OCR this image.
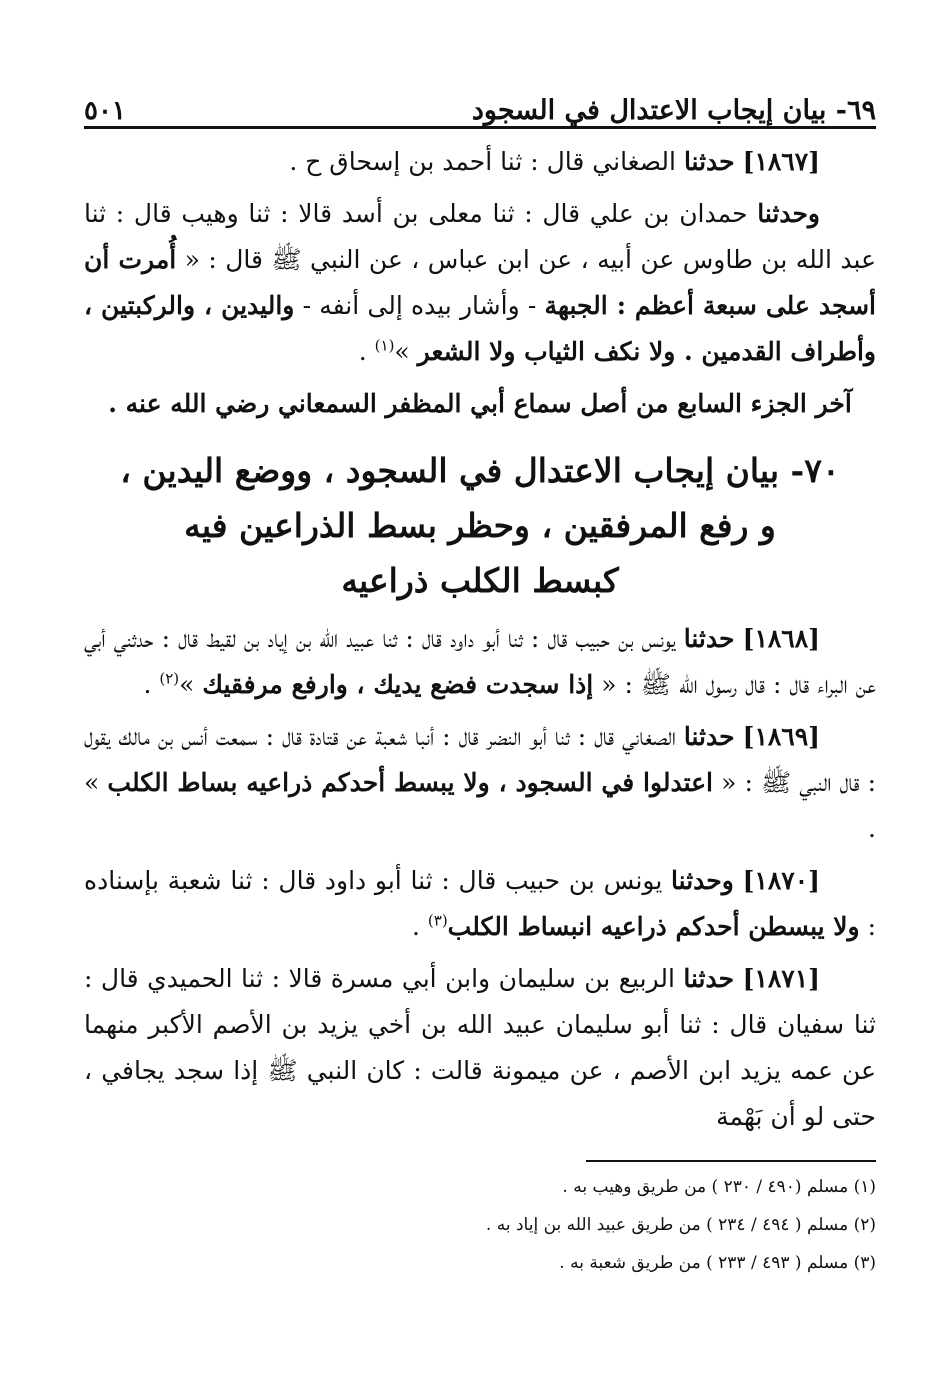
٦٩- بيان إيجاب الاعتدال في السجود
٥٠١

[١٨٦٧] حدثنا الصغاني قال : ثنا أحمد بن إسحاق ح .

وحدثنا حمدان بن علي قال : ثنا معلى بن أسد قالا : ثنا وهيب قال : ثنا عبد الله بن طاوس عن أبيه ، عن ابن عباس ، عن النبي ﷺ قال : « أُمرت أن أسجد على سبعة أعظم : الجبهة - وأشار بيده إلى أنفه - واليدين ، والركبتين ، وأطراف القدمين . ولا نكف الثياب ولا الشعر »$^{(١)}$ .

آخر الجزء السابع من أصل سماع أبي المظفر السمعاني رضي الله عنه .

٧٠- بيان إيجاب الاعتدال في السجود ، ووضع اليدين ،
و رفع المرفقين ، وحظر بسط الذراعين فيه
كبسط الكلب ذراعيه

[١٨٦٨] حدثنا يونس بن حبيب قال : ثنا أبو داود قال : ثنا عبيد الله بن إياد بن لقيط قال : حدثني أبي عن البراء قال : قال رسول الله ﷺ : « إذا سجدت فضع يديك ، وارفع مرفقيك »$^{(٢)}$ .

[١٨٦٩] حدثنا الصغاني قال : ثنا أبو النضر قال : أنبا شعبة عن قتادة قال : سمعت أنس بن مالك يقول : قال النبي ﷺ : « اعتدلوا في السجود ، ولا يبسط أحدكم ذراعيه بساط الكلب » .

[١٨٧٠] وحدثنا يونس بن حبيب قال : ثنا أبو داود قال : ثنا شعبة بإسناده : ولا يبسطن أحدكم ذراعيه انبساط الكلب$^{(٣)}$ .

[١٨٧١] حدثنا الربيع بن سليمان وابن أبي مسرة قالا : ثنا الحميدي قال : ثنا سفيان قال : ثنا أبو سليمان عبيد الله بن أخي يزيد بن الأصم الأكبر منهما عن عمه يزيد ابن الأصم ، عن ميمونة قالت : كان النبي ﷺ إذا سجد يجافي ، حتى لو أن بَهْمة

(١) مسلم (٤٩٠ / ٢٣٠ ) من طريق وهيب به .
(٢) مسلم ( ٤٩٤ / ٢٣٤ ) من طريق عبيد الله بن إياد به .
(٣) مسلم ( ٤٩٣ / ٢٣٣ ) من طريق شعبة به .
